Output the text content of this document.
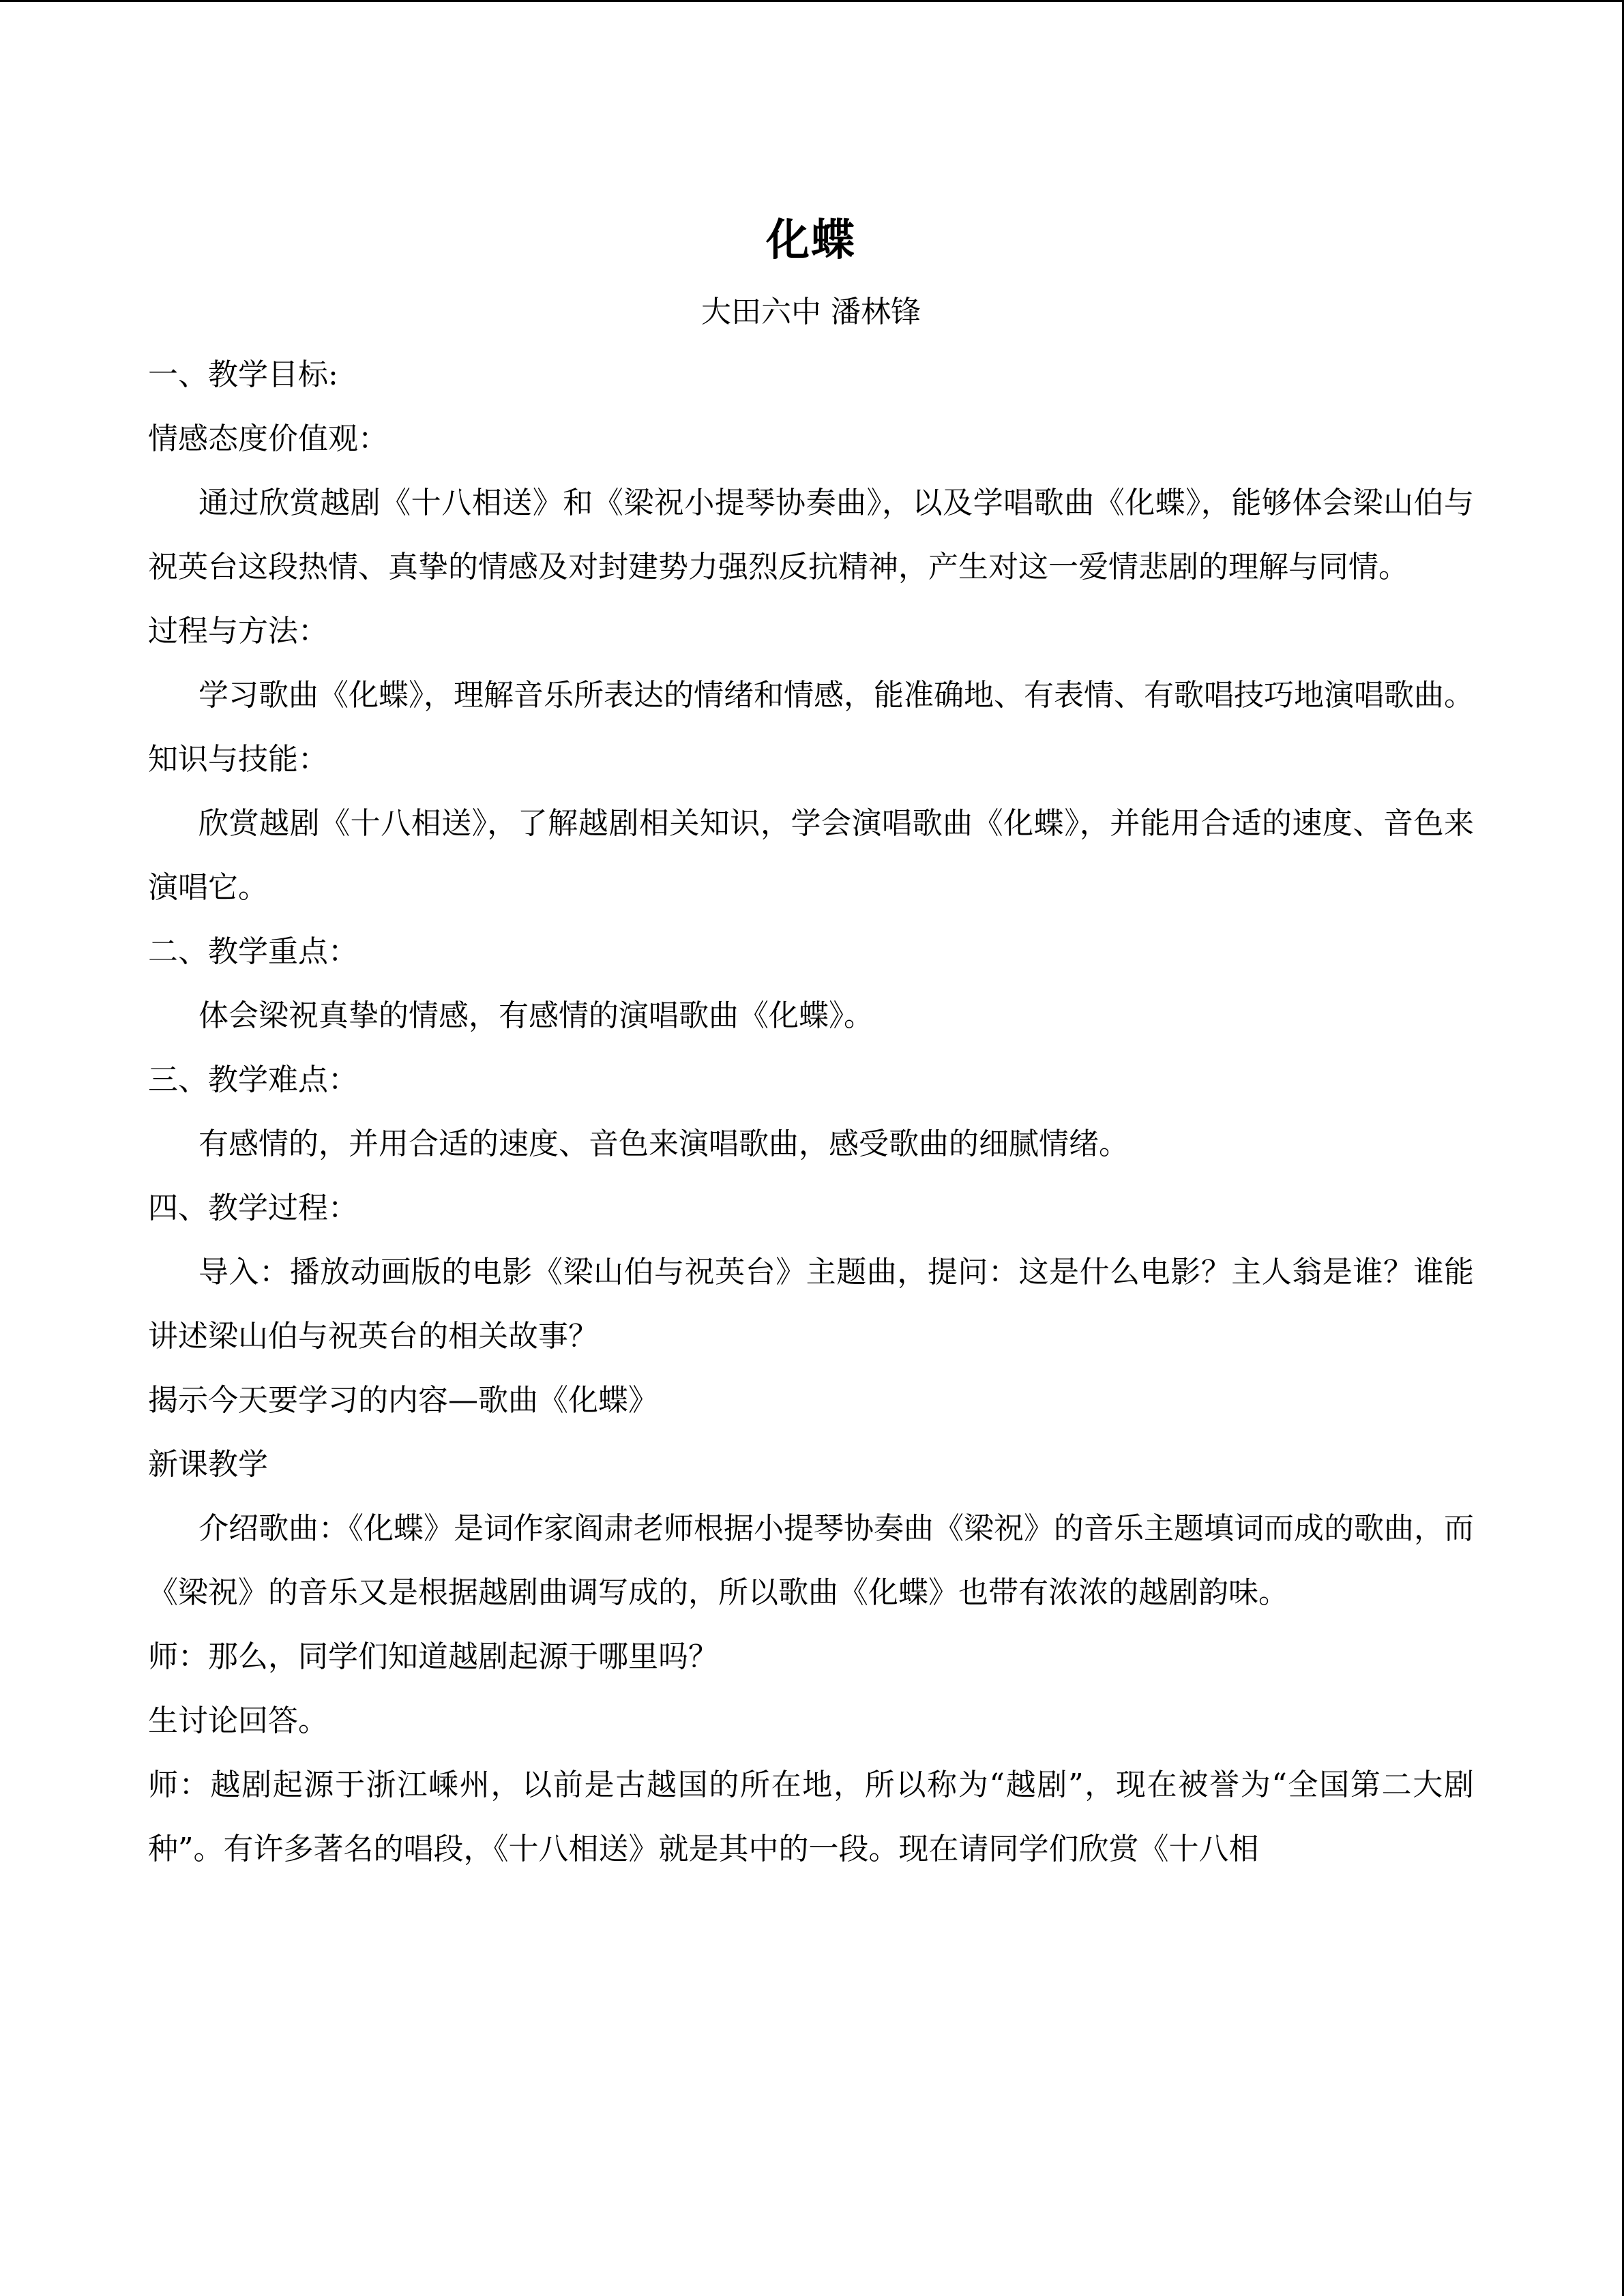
化蝶
大田六中 潘林锋

一、教学目标:

情感态度价值观：

通过欣赏越剧《十八相送》和《梁祝小提琴协奏曲》，以及学唱歌曲《化蝶》，能够体会梁山伯与祝英台这段热情、真挚的情感及对封建势力强烈反抗精神，产生对这一爱情悲剧的理解与同情。

过程与方法：

学习歌曲《化蝶》，理解音乐所表达的情绪和情感，能准确地、有表情、有歌唱技巧地演唱歌曲。

知识与技能：

欣赏越剧《十八相送》，了解越剧相关知识，学会演唱歌曲《化蝶》，并能用合适的速度、音色来演唱它。

二、教学重点：

体会梁祝真挚的情感，有感情的演唱歌曲《化蝶》。

三、教学难点：

有感情的，并用合适的速度、音色来演唱歌曲，感受歌曲的细腻情绪。

四、教学过程：

导入：播放动画版的电影《梁山伯与祝英台》主题曲，提问：这是什么电影？主人翁是谁？谁能讲述梁山伯与祝英台的相关故事？

揭示今天要学习的内容—歌曲《化蝶》

新课教学

介绍歌曲：《化蝶》是词作家阎肃老师根据小提琴协奏曲《梁祝》的音乐主题填词而成的歌曲，而《梁祝》的音乐又是根据越剧曲调写成的，所以歌曲《化蝶》也带有浓浓的越剧韵味。

师：那么，同学们知道越剧起源于哪里吗？

生讨论回答。

师：越剧起源于浙江嵊州，以前是古越国的所在地，所以称为“越剧”，现在被誉为“全国第二大剧种”。有许多著名的唱段，《十八相送》就是其中的一段。现在请同学们欣赏《十八相
